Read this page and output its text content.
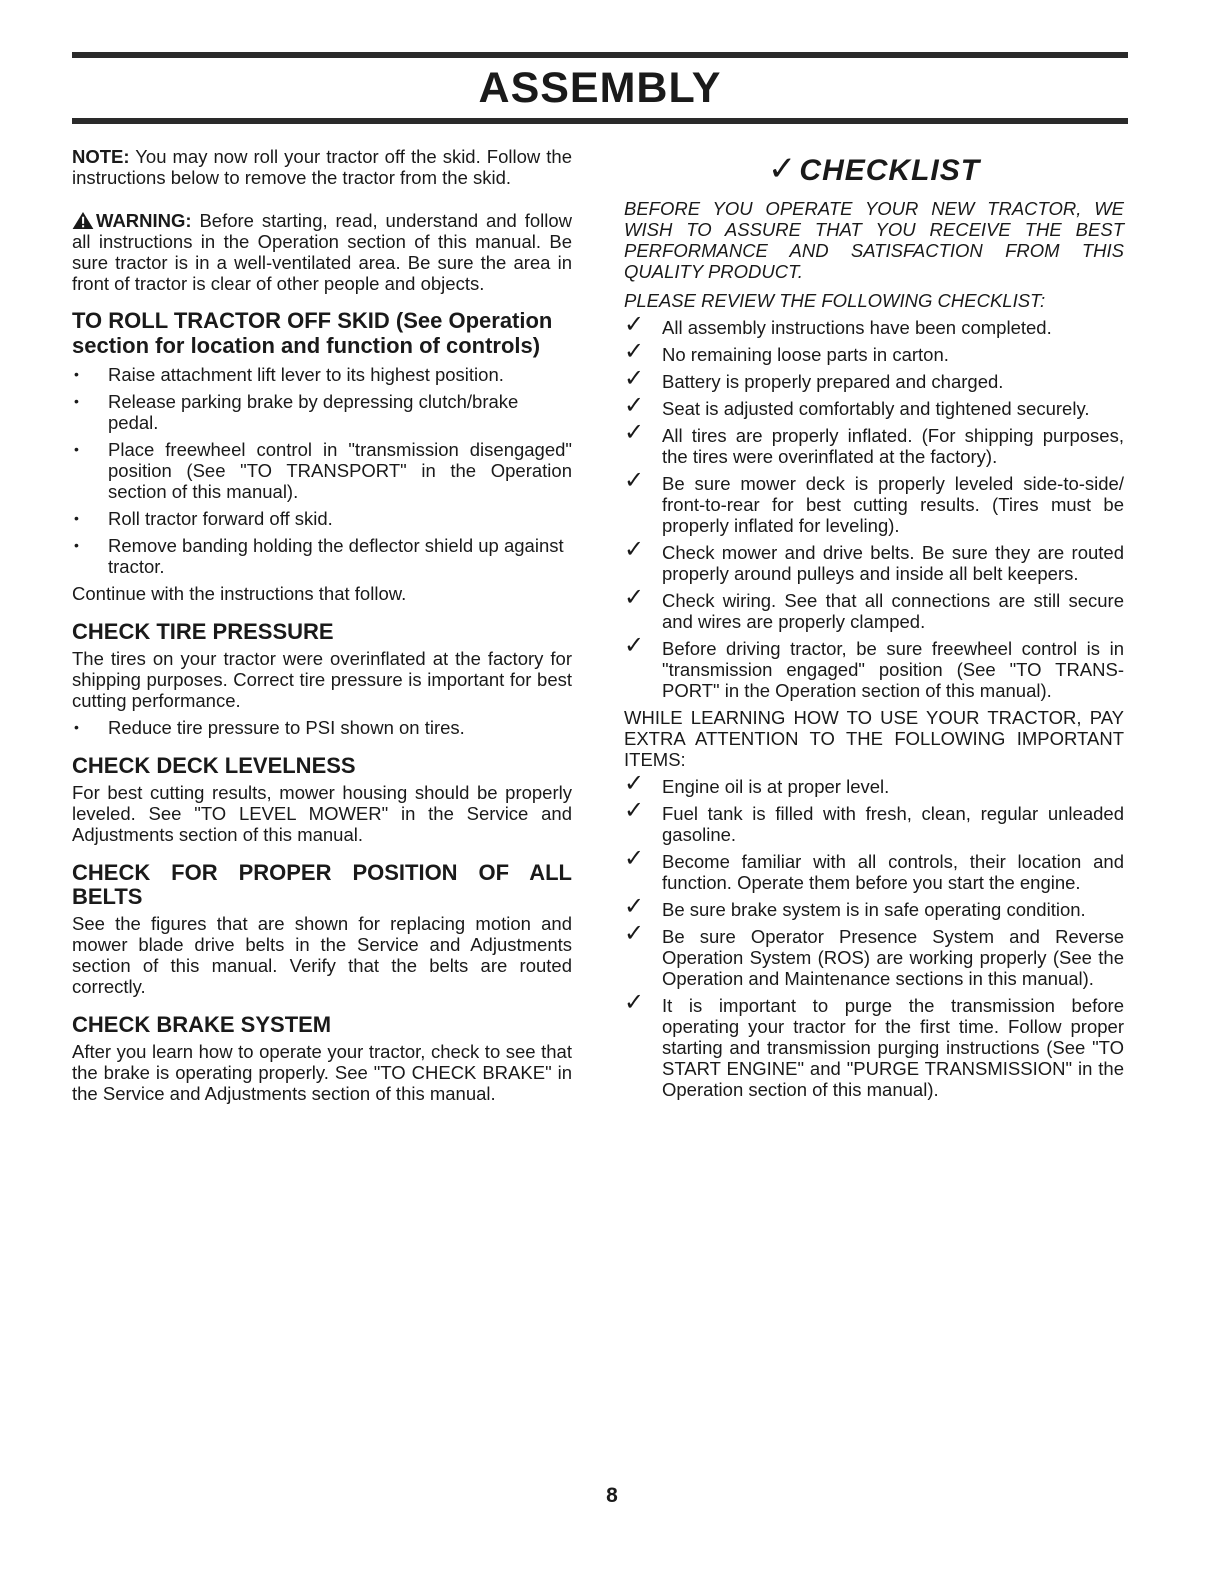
ASSEMBLY

NOTE: You may now roll your tractor off the skid. Follow the instructions below to remove the tractor from the skid.

WARNING: Before starting, read, understand and follow all instructions in the Operation section of this manual. Be sure tractor is in a well-ventilated area. Be sure the area in front of tractor is clear of other people and objects.

TO ROLL TRACTOR OFF SKID (See Operation section for location and function of controls)
• Raise attachment lift lever to its highest position.
• Release parking brake by depressing clutch/brake pedal.
• Place freewheel control in "transmission disengaged" position (See "TO TRANSPORT" in the Operation section of this manual).
• Roll tractor forward off skid.
• Remove banding holding the deflector shield up against tractor.

Continue with the instructions that follow.

CHECK TIRE PRESSURE

The tires on your tractor were overinflated at the factory for shipping purposes. Correct tire pressure is important for best cutting performance.

• Reduce tire pressure to PSI shown on tires.
CHECK DECK LEVELNESS

For best cutting results, mower housing should be properly leveled. See "TO LEVEL MOWER" in the Service and Adjustments section of this manual.

CHECK FOR PROPER POSITION OF ALL BELTS

See the figures that are shown for replacing motion and mower blade drive belts in the Service and Adjustments section of this manual. Verify that the belts are routed correctly.

CHECK BRAKE SYSTEM

After you learn how to operate your tractor, check to see that the brake is operating properly. See "TO CHECK BRAKE" in the Service and Adjustments section of this manual.

✓CHECKLIST

BEFORE YOU OPERATE YOUR NEW TRACTOR, WE WISH TO ASSURE THAT YOU RECEIVE THE BEST PERFORMANCE AND SATISFACTION FROM THIS QUALITY PRODUCT.

PLEASE REVIEW THE FOLLOWING CHECKLIST:

✓ All assembly instructions have been completed.
✓ No remaining loose parts in carton.
✓ Battery is properly prepared and charged.
✓ Seat is adjusted comfortably and tightened securely.
✓ All tires are properly inflated. (For shipping purposes, the tires were overinflated at the factory).
✓ Be sure mower deck is properly leveled side-to-side/ front-to-rear for best cutting results. (Tires must be properly inflated for leveling).
✓ Check mower and drive belts. Be sure they are routed properly around pulleys and inside all belt keepers.
✓ Check wiring. See that all connections are still secure and wires are properly clamped.
✓ Before driving tractor, be sure freewheel control is in "transmission engaged" position (See "TO TRANS-PORT" in the Operation section of this manual).

WHILE LEARNING HOW TO USE YOUR TRACTOR, PAY EXTRA ATTENTION TO THE FOLLOWING IMPORTANT ITEMS:

✓ Engine oil is at proper level.
✓ Fuel tank is filled with fresh, clean, regular unleaded gasoline.
✓ Become familiar with all controls, their location and function. Operate them before you start the engine.
✓ Be sure brake system is in safe operating condition.
✓ Be sure Operator Presence System and Reverse Operation System (ROS) are working properly (See the Operation and Maintenance sections in this manual).
✓ It is important to purge the transmission before operating your tractor for the first time. Follow proper starting and transmission purging instructions (See "TO START ENGINE" and "PURGE TRANSMISSION" in the Operation section of this manual).
8
